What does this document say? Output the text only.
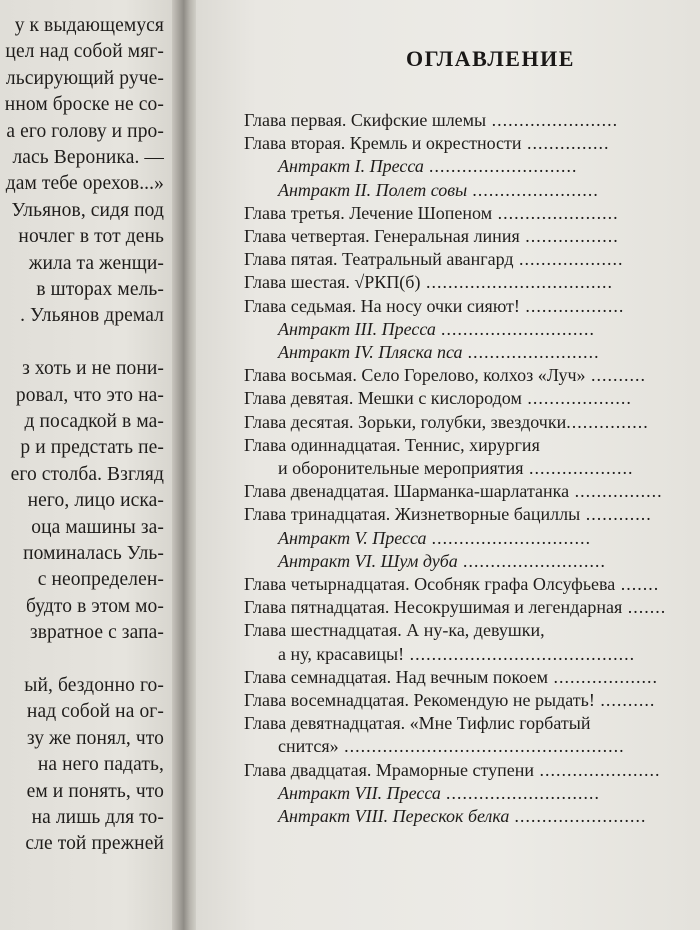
у к выдающемуся
цел над собой мяг-
льсирующий руче-
нном броске не со-
а его голову и про-
лась Вероника. —
дам тебе орехов...»
Ульянов, сидя под
ночлег в тот день
жила та женщи-
в шторах мель-
. Ульянов дремал
з хоть и не пони-
ровал, что это на-
д посадкой в ма-
р и предстать пе-
его столба. Взгляд
него, лицо иска-
оца машины за-
поминалась Уль-
с неопределен-
будто в этом мо-
звратное с запа-
ый, бездонно го-
над собой на ог-
зу же понял, что
на него падать,
ем и понять, что
на лишь для то-
сле той прежней
ОГЛАВЛЕНИЕ
Глава первая. Скифские шлемы .......................
Глава вторая. Кремль и окрестности ...............
Антракт I. Пресса ...........................
Антракт II. Полет совы .......................
Глава третья. Лечение Шопеном ......................
Глава четвертая. Генеральная линия .................
Глава пятая. Театральный авангард ...................
Глава шестая. √РКП(б) ..................................
Глава седьмая. На носу очки сияют! ..................
Антракт III. Пресса ............................
Антракт IV. Пляска пса ........................
Глава восьмая. Село Горелово, колхоз «Луч» ..........
Глава девятая. Мешки с кислородом ...................
Глава десятая. Зорьки, голубки, звездочки...............
Глава одиннадцатая. Теннис, хирургия
и оборонительные мероприятия ...................
Глава двенадцатая. Шарманка-шарлатанка ................
Глава тринадцатая. Жизнетворные бациллы ............
Антракт V. Пресса .............................
Антракт VI. Шум дуба ..........................
Глава четырнадцатая. Особняк графа Олсуфьева .......
Глава пятнадцатая. Несокрушимая и легендарная .......
Глава шестнадцатая. А ну-ка, девушки,
а ну, красавицы! .........................................
Глава семнадцатая. Над вечным покоем ...................
Глава восемнадцатая. Рекомендую не рыдать! ..........
Глава девятнадцатая. «Мне Тифлис горбатый
снится» ...................................................
Глава двадцатая. Мраморные ступени ......................
Антракт VII. Пресса ............................
Антракт VIII. Перескок белка ........................
